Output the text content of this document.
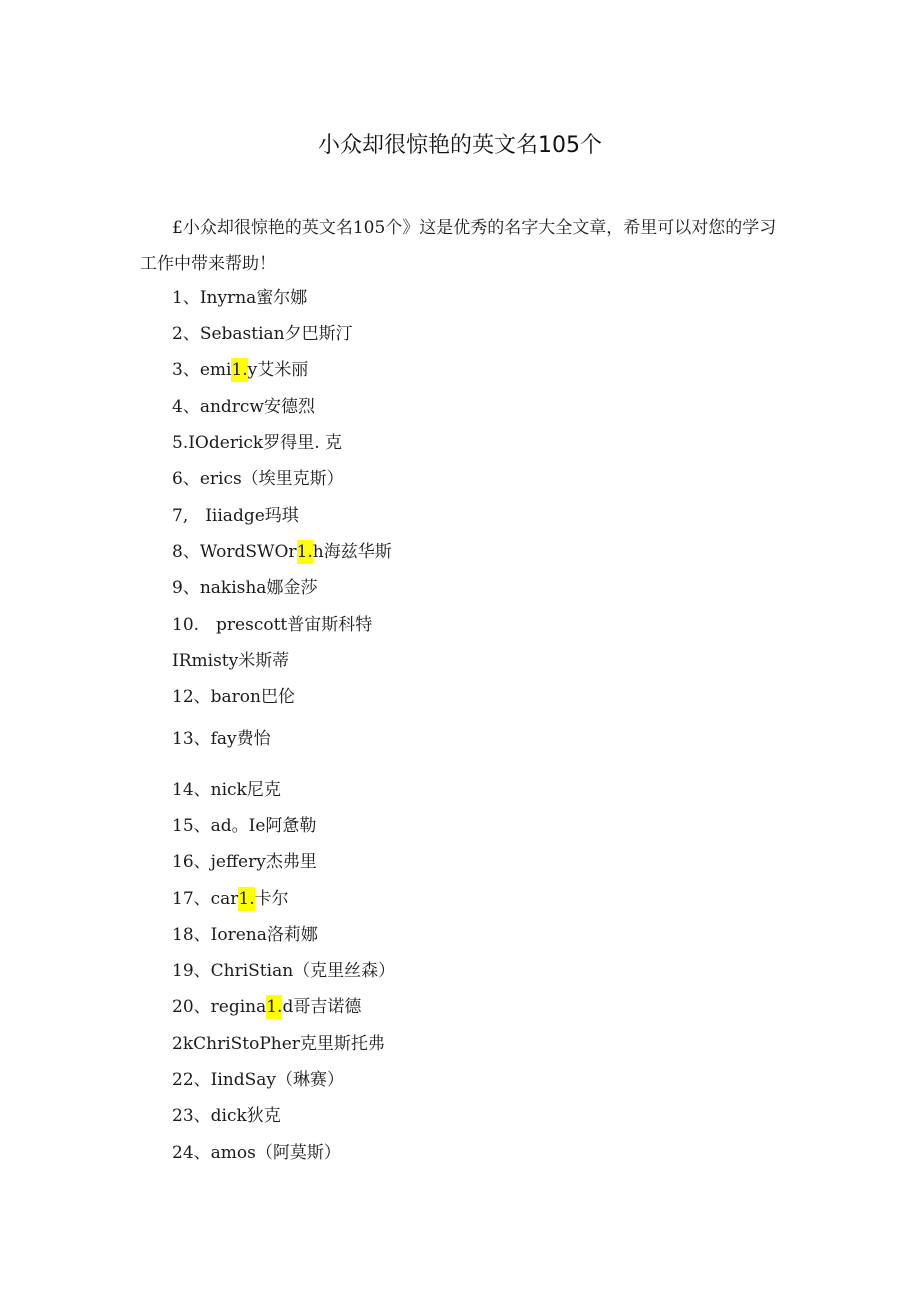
小众却很惊艳的英文名105个
£小众却很惊艳的英文名105个》这是优秀的名字大全文章，希里可以对您的学习工作中带来帮助！
1、Inyrna蜜尔娜
2、Sebastian夕巴斯汀
3、emi1.y艾米丽
4、andrcw安德烈
5.IOderick罗得里. 克
6、erics（埃里克斯）
7,　Iiiadge玛琪
8、WordSWOr1.h海兹华斯
9、nakisha娜金莎
10.　prescott普宙斯科特
IRmisty米斯蒂
12、baron巴伦
13、fay费怡
14、nick尼克
15、ad。Ie阿惫勒
16、jeffery杰弗里
17、car1.卡尔
18、Iorena洛莉娜
19、ChriStian（克里丝森）
20、regina1.d哥吉诺德
2kChriStoPher克里斯托弗
22、IindSay（琳赛）
23、dick狄克
24、amos（阿莫斯）
